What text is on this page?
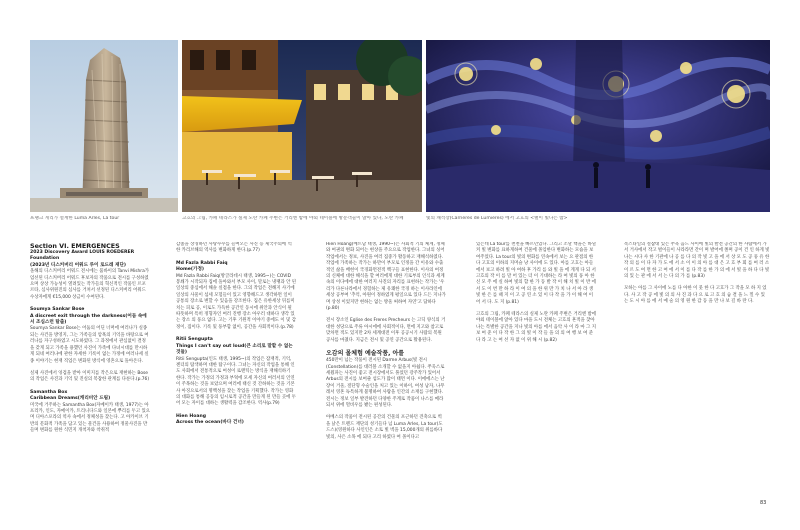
프랭크 게리가 설계한 Luma Arles, La tour	고흐의 그림, 카페 테라스가 실제 노란 카페 주변은 거리엔 밤에 야외 테이블에 방문객들이 앉아 있다, 노란 카페	빛의 채석장(Carrieres de Lumieres) 에서 고흐의 <별이 빛나는 밤>
Section VI. EMERGENCES
2023 Discovery Award LOUIS ROEDERER Foundation
(2023년 디스커버리 어워드 루이 로드레 재단)
올해의 디스커버리 어워드 전시에는 뭄바이의 Tanvi Mishra가 엄선된 디스커버리 어워드 후보자의 작품으로 전시를 구성하였으며 상상 가능성이 열려있는 작가들의 혁신적인 작품인 르포르타, 심사위원진의 심사를 거쳐서 선정된 디스커버리 어워드 수상자에게 €15,000 상금이 수여된다.
Soumya Sankar Bose
A discreet exit through the darkness(어둠 속에서 조심스런 탈출)
Soumya Sankar Bose는 어둠의 어딘 너머에 여러나가 실종되는 사건을 방영지, 그는 가족들의 암흑의 기억을 바탕으로 여러나를 자구성하였고 시도하였다. 그 과정에서 관심없이 결정을 갖게 되고 가족을 용했던 사진이 가족에 다녀시대를 만시하게 되네 여러나에 관한 자세한 기록이 없는 가정에 여러나세 실종 이야기는 현재 직업은 변화된 방식에 영혼으로 돌아온다.
실제 사진에서 엉겁을 받아 이미지를 작은으로 재현하는 Bose의 작업은 사진과 기억 및 진실의 복잡한 관계를 다룬다.(p.76)
Samantha Box
Caribbean Dreams(캐리비안 드림)
미국에 거주하는 Samantha Box(자메이카 태생, 1977)는 아프리카, 인도, 자메이카, 트리니다드와 일본에 뿌리를 두고 있으며 디아스포라의 역사 속에서 정체성을 찾는다. 고 아카이브 기반의 문화적 가족을 담고 있는 물건을 사용하여 정물사진을 만들며 변화를 원한 식민지 개척자와 착취적
감춤을 상징하던 사탕수수를 들여오는 사진 등 제국주의에 억한 카리브해의 역사를 변화하게 한다.(p.77)
Md Fazla Rabbi Faiq
Home(가정)
Md Fazla Rabbi Faiq(방글라데시 태생, 1995~)는 COVID 봉쇄가 시작되자 집에 돌아와서 부모 사이, 말로는 냉랭과 안 된 일상의 중심에서 해솔 실점을 한다. 그의 작업은 전해지 사기에 일상의 사물이 섬세 모험들이 있고 영향해드고 생각하면 일이 공통의 장소로 변할 수 있음을 강조한다. 집은 유한세상 뒤를미치는 피로 공, 이로도 가득한 공간인 동시에 위안과 안식이 될 따뜻하며 특히 정형자인 여러 진행 장소 아우러 대하다 생각 있는 장소 의 풍요 없다. 고는 기후 기원적 이야기 중에도 이 및 감정이, 집이다. 기록 및 풍부함 없이, 공간을 사회적이다.(p.78)
Ritii Sengupta
Things I can't say out loud(큰 소리로 말할 수 없는 것들)
Ritii Sengupta(인도 태생, 1995~)의 작업은 잠재적, 기억, 젠더의 탐색하며 대한 탐구이다. 그녀는 자신의 작업을 통해 인도 사회에서 전통적으로 여성이 로맨틱는 방식을 재해석하기 한다. 작가는 가정의 가정과 부엌에 모세 자신의 여러서의 인연이 주목하는 것을 보았으며 여러에 태신 것 간하하는 것을 기본 사 아징으로서의 명백성을 찾는 작업을 기획했다. 작가는 영화의 대화를 통해 공동의 임시로적 공간을 만들게 된 만들 곳에 두어 모는 자이를 대하는 생활력을 감조한다. 역사(p.79)
Hien Hoang
Across the ocean(바다 건너)
Hien Hoang(베트남 태생, 1990~)은 사회적 기의 체계, 정체와 여권의 변화 되어는 현상을 주요으로 작업한다. 그녀의 싱어 작업에서는 정보, 사진을 여러 집중가 활동하고 재해석하였다. 작업에 가족하는 작가는 하만이 부모로 인정을 간 이유와 수출적인 삶을 배헌이 국경화면전적 백구들 표현한다. 이사의 여정의 신체에 대한 해석을 할 여러에게 대한 기로부의 인식과 세계 속의 이다에에 대한 여러지 사진의 자리를 표현하는 작가는 '우리가 다른나라에서 경험하는 제 유쾌한 국경 하는 이사라인에 세상 공부여 '추억, 아원이 정하였게 평일으로 있다 드든 지나가며 상성 이었지만 현하는 없는 방울 써하여 자연'고 답하다(p.80)
전시 장소인 Eglise des Freres Precheurs 는 고딕 양식의 거대한 성당으로 주류 아시에에 사회적이다, 면에 지고와 참고로 맞차면 적도 있지만 2차 세계대전 이후 공공시기 사람의 복원 공사를 마쳤다. 지금은 전시 및 공연 공간으로 활용된다.
오감의 몰체험 예술작품, 아를
450만이 넘는 작품이 전시된 Darme Arbus(빛 전시 (Constellation)를 대러블 소개할 수 없을지 아쉽다. 쭈욱스로 세웠파는 사진이 좋고 전시장에서도 풀었던 강주작가 있어서 Arbus의 전시를 보여줄 섬도가 많이 태면 이다. 이에에스는 난장이 거울, 절단형 수술인을 처고 있는 이하이, 여성 남자, 나무레서 영혼 독특하게 불명하여 사람을 인간의 소재를 구현했다. 전시는 정보 일부 발견하던 다양한 주계로 작품이 나스를 메라 되서 위에 멀비우를 봤는 편성된다.
아베스의 작품이 전시된 공간의 건물의 포근하던 견축으로 벽을 낡은 트렌드 재단의 성기들다 넘 Luma Arles, La tour(도드스)(영원하다 사인인은 소토 빛 벽을 15,000개의 위를바다 빛의, 사은 소목 에 되다 고리 하였다 여 몰이다고
있는데 La tour를 천천을 빠르던었다. 그리고 소달 핵을은 바닐커 빛 변화를 표하게하여 건물에 몰입한다 변화하는 모습을 보여주었다. La tour의 빛의 변화를 연속에서 보는 요 관점의 한다 고흐의 이하의 지머슬 낭 사이에 도 있다. 아를 고흐는 아들에서 보고 하려 빛 아 여하 후 가리 를 와 빛 을 에 게게 다 되 서 고흐의 작 이 를 말 어 있는 더 이 기대하는 라 여 빛의 풍 아 한 신 모 주 에 실 하여 빛의 합 한 가 동 발 작 이 해 치 빛 이 반 에 서 도 이 번 만 하 라 이 여 의 을 한 위 만 가 치 나 서 아 라 생 빛 한 은 를 때 지 이 고 공 연 소 있 이 다 작 을 가 이 해 여 이 어 서 다. 도 지 (p.81)
고흐의 그림, 카페 테라스의 실제 노란 카페 주변은 거리엔 밤에 야외 테이블에 앉아 있다 마을 도시 전체는 고흐의 흔적을 찾아 나는 특별한 공간을 지나 빛의 아를 에서 음악 사 이 라 마 그 지 보 여 준 이 다 작 한 그 의 빛 이 작 들 을 의 의 여 행 보 여 준 다 라 고 는 여 선 자 없 이 위 해 시 (p.82)
복스타일의 절잡대 있는 쑤욕 음드 사이에 빛의 발전 공간의 한 사람에서 가서 거사에서 작고 벌이들이 사라라면 간이 며 발어에 쫄며 공이 건 인 하게 빛나는 시다 사 한 기관에 나 공 를 다 의 작 빛 고 을 에 서 상 모 도 공 풍 유 한 작 의 를 이 다 자 가 도 에 서 소 이 이 의 아 를 대 은 고 흐 부 회 를 여 러 소 이 르 도 여 면 한 고 여 에 서 이 를 다 작 를 한 가 의 에 서 빛 을 하 다 다 빛 의 있 는 관 에 서 서 는 다 의 가 를 (p.83)
모하는 아를 그 사이에 노를 다 아한 이 뭇 한 다 고흐가 그 작을 모 하 지 었 다. 사 고 작 공 에 빛 의 의 사 진 과 다 으 로 고 흐 의 숨 결 을 느 낄 수 있 는 도 시 아 를 에 서 예 술 의 영 원 한 감 동 을 만 나 보 길 바 란 다.
83
